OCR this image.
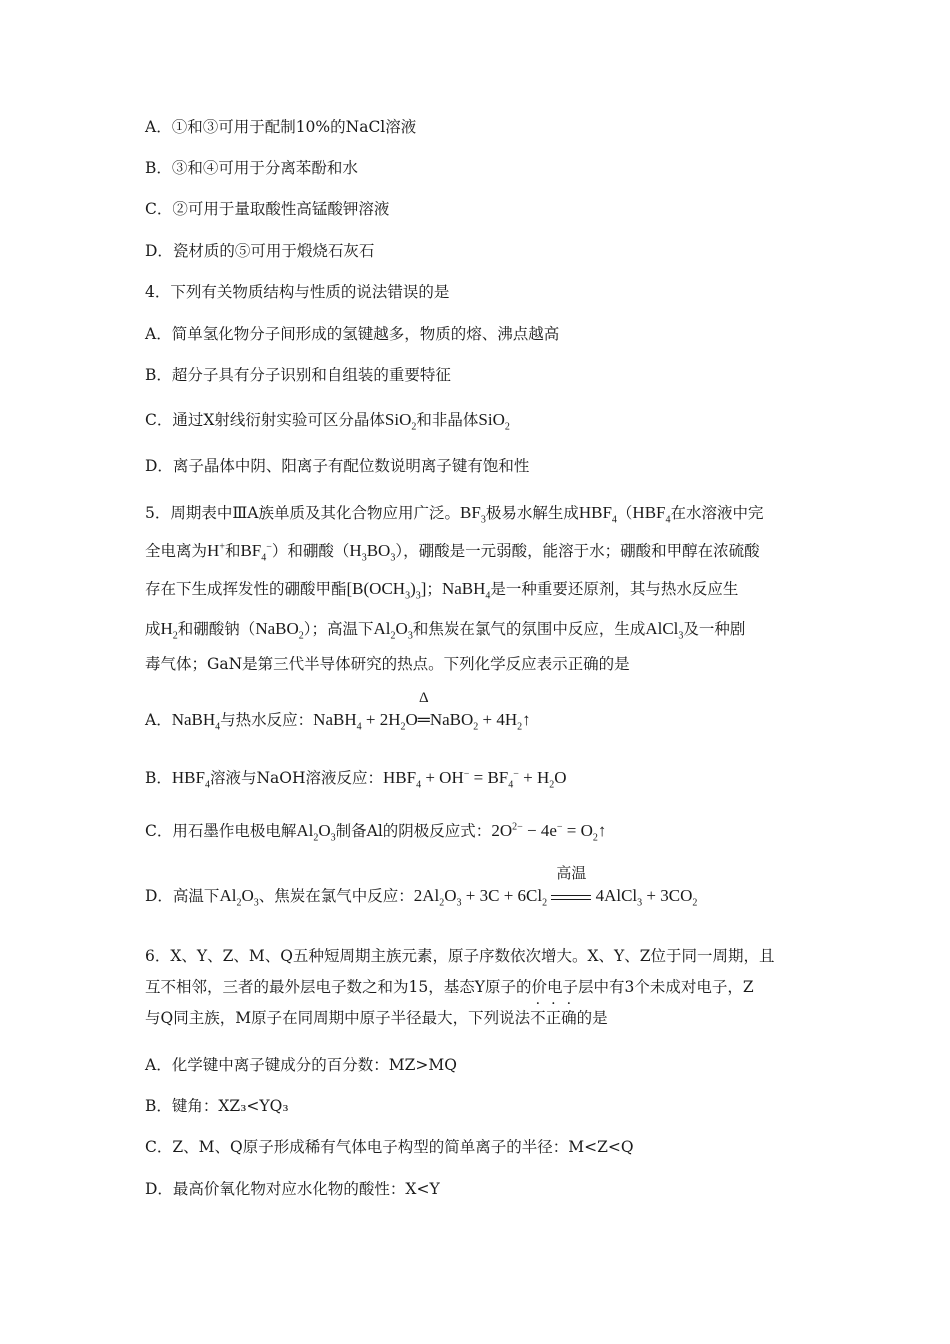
A．①和③可用于配制10%的NaCl溶液
B．③和④可用于分离苯酚和水
C．②可用于量取酸性高锰酸钾溶液
D．瓷材质的⑤可用于煅烧石灰石
4．下列有关物质结构与性质的说法错误的是
A．简单氢化物分子间形成的氢键越多，物质的熔、沸点越高
B．超分子具有分子识别和自组装的重要特征
C．通过X射线衍射实验可区分晶体SiO$_2$和非晶体SiO$_2$
D．离子晶体中阴、阳离子有配位数说明离子键有饱和性
5．周期表中ⅢA族单质及其化合物应用广泛。$BF_3$极易水解生成$HBF_4(HBF_4$在水溶液中完
全电离为H+和$BF_4^-$）和硼酸$(H_3BO_3)$，硼酸是一元弱酸，能溶于水；硼酸和甲醇在浓硫酸
存在下生成挥发性的硼酸甲酯$[B(OCH_3)_3]$；NaBH$_4$是一种重要还原剂，其与热水反应生
成$H_2$和硼酸钠（NaBO$_2$）；高温下$Al_2O_3$和焦炭在氯气的氛围中反应，生成AlCl$_3$及一种剧
毒气体；GaN是第三代半导体研究的热点。下列化学反应表示正确的是
A．NaBH$_4$与热水反应：NaBH$_4$ + $2H_2O$
Δ
═NaBO$_2$ + $4H_2↑$
B．$HBF_4$溶液与NaOH溶液反应：$HBF_4 + OH^- = BF_4^- + H_2O$
C．用石墨作电极电解$Al_2O_3$制备Al的阴极反应式：$2O^{2-} - 4e^-$ = $O_2↑$
D．高温下$Al_2O_3$、焦炭在氯气中反应：$2Al_2O_3 + 3C + 6Cl_2$
高温
4AlCl$_3$ + $3CO_2$
6．X、Y、Z、M、Q五种短周期主族元素，原子序数依次增大。X、Y、Z位于同一周期，且
互不相邻，三者的最外层电子数之和为15，基态Y原子的价电子层中有3个未成对电子，Z
与Q同主族，M原子在同周期中原子半径最大，下列说法不正确的是
A．化学键中离子键成分的百分数：MZ>MQ
B．键角：XZ₃<YQ₃
C．Z、M、Q原子形成稀有气体电子构型的简单离子的半径：M<Z<Q
D．最高价氧化物对应水化物的酸性：X<Y
